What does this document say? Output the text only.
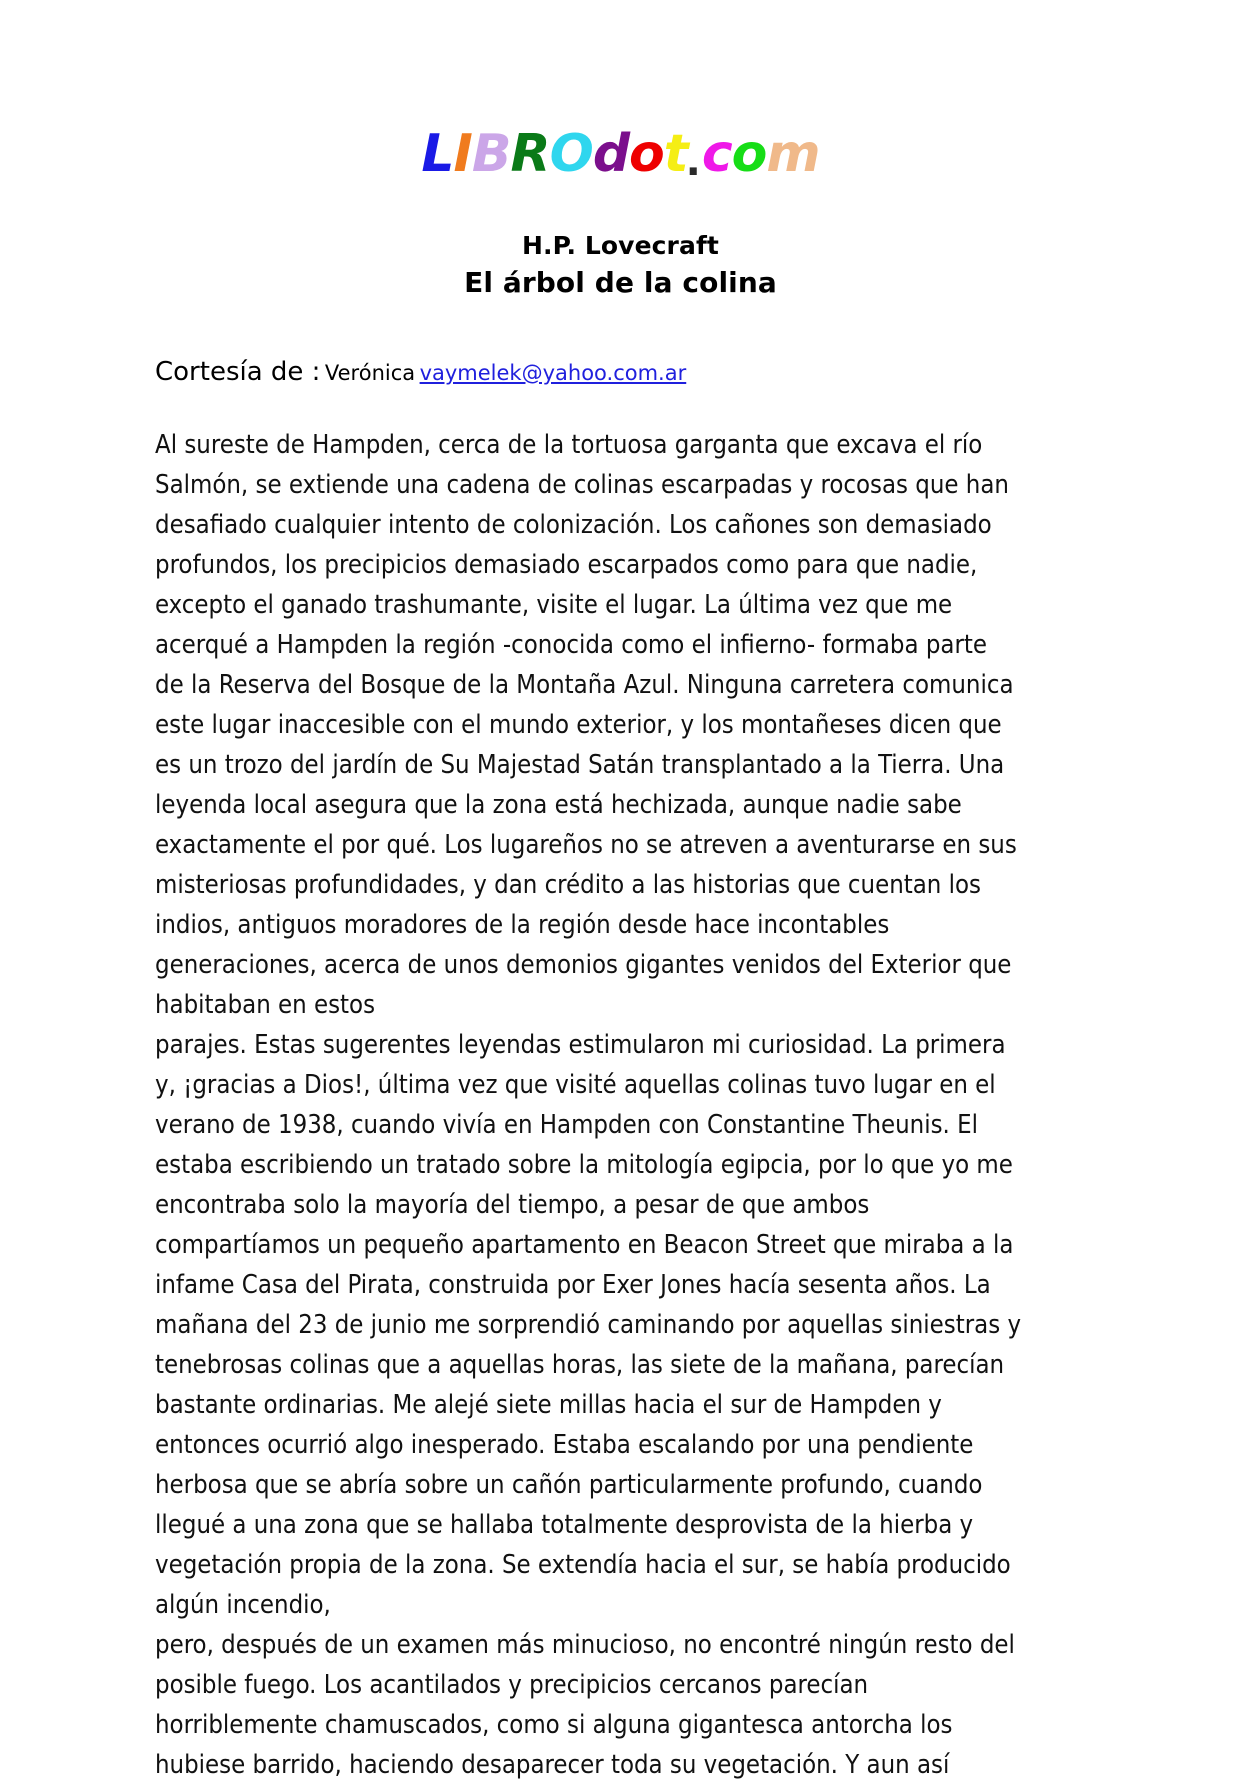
LIBROdot.com
H.P. Lovecraft
El árbol de la colina
Cortesía de : Verónica vaymelek@yahoo.com.ar
Al sureste de Hampden, cerca de la tortuosa garganta que excava el río
Salmón, se extiende una cadena de colinas escarpadas y rocosas que han
desafiado cualquier intento de colonización. Los cañones son demasiado
profundos, los precipicios demasiado escarpados como para que nadie,
excepto el ganado trashumante, visite el lugar. La última vez que me
acerqué a Hampden la región -conocida como el infierno- formaba parte
de la Reserva del Bosque de la Montaña Azul. Ninguna carretera comunica
este lugar inaccesible con el mundo exterior, y los montañeses dicen que
es un trozo del jardín de Su Majestad Satán transplantado a la Tierra. Una
leyenda local asegura que la zona está hechizada, aunque nadie sabe
exactamente el por qué. Los lugareños no se atreven a aventurarse en sus
misteriosas profundidades, y dan crédito a las historias que cuentan los
indios, antiguos moradores de la región desde hace incontables
generaciones, acerca de unos demonios gigantes venidos del Exterior que
habitaban en estos
parajes. Estas sugerentes leyendas estimularon mi curiosidad. La primera
y, ¡gracias a Dios!, última vez que visité aquellas colinas tuvo lugar en el
verano de 1938, cuando vivía en Hampden con Constantine Theunis. El
estaba escribiendo un tratado sobre la mitología egipcia, por lo que yo me
encontraba solo la mayoría del tiempo, a pesar de que ambos
compartíamos un pequeño apartamento en Beacon Street que miraba a la
infame Casa del Pirata, construida por Exer Jones hacía sesenta años. La
mañana del 23 de junio me sorprendió caminando por aquellas siniestras y
tenebrosas colinas que a aquellas horas, las siete de la mañana, parecían
bastante ordinarias. Me alejé siete millas hacia el sur de Hampden y
entonces ocurrió algo inesperado. Estaba escalando por una pendiente
herbosa que se abría sobre un cañón particularmente profundo, cuando
llegué a una zona que se hallaba totalmente desprovista de la hierba y
vegetación propia de la zona. Se extendía hacia el sur, se había producido
algún incendio,
pero, después de un examen más minucioso, no encontré ningún resto del
posible fuego. Los acantilados y precipicios cercanos parecían
horriblemente chamuscados, como si alguna gigantesca antorcha los
hubiese barrido, haciendo desaparecer toda su vegetación. Y aun así
